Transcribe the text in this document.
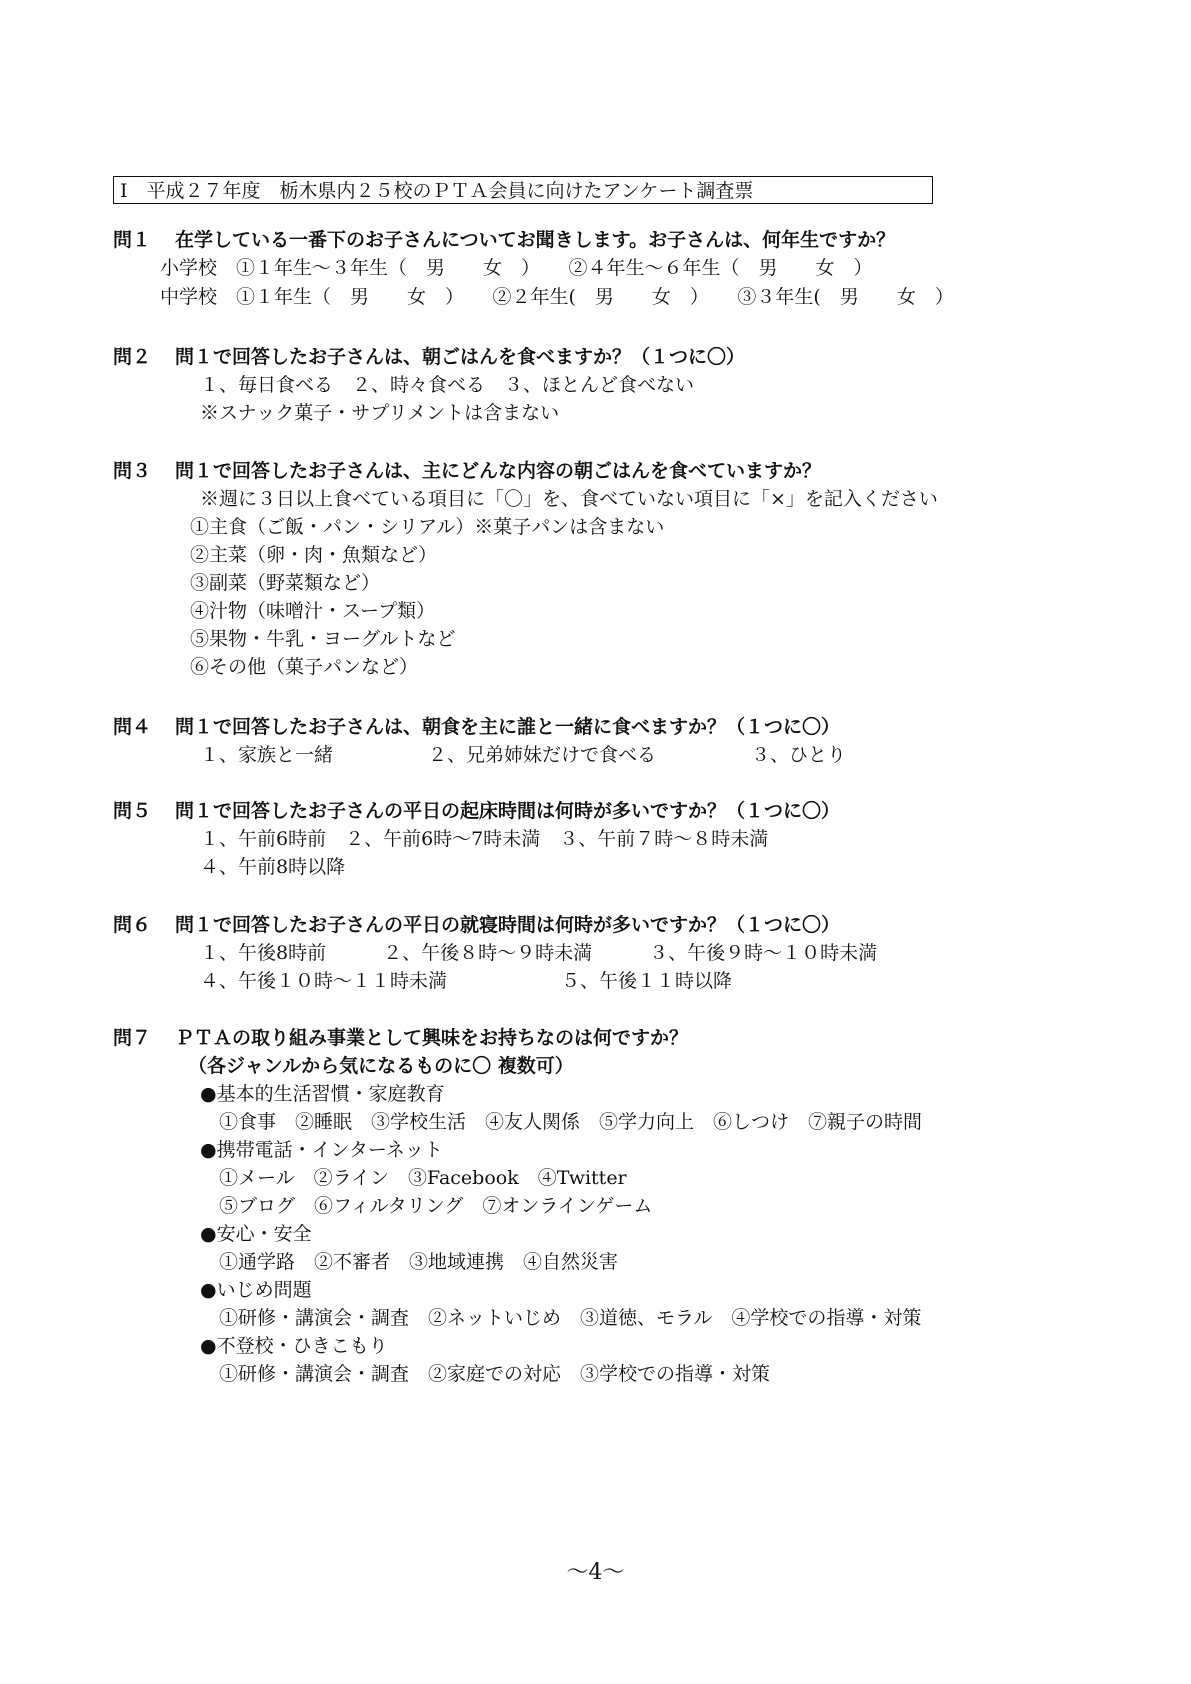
Ⅰ　平成２７年度　栃木県内２５校のＰＴＡ会員に向けたアンケート調査票

問１

在学している一番下のお子さんについてお聞きします。お子さんは、何年生ですか？

小学校　①１年生～３年生（　男　　女　）　　②４年生～６年生（　男　　女　）
中学校　①１年生（　男　　女　）　　②２年生(　男　　女　）　　③３年生(　男　　女　）

問２

問１で回答したお子さんは、朝ごはんを食べますか？（１つに〇）

１、毎日食べる　２、時々食べる　３、ほとんど食べない
※スナック菓子・サプリメントは含まない

問３

問１で回答したお子さんは、主にどんな内容の朝ごはんを食べていますか？

※週に３日以上食べている項目に「〇」を、食べていない項目に「×」を記入ください
①主食（ご飯・パン・シリアル）※菓子パンは含まない
②主菜（卵・肉・魚類など）
③副菜（野菜類など）
④汁物（味噌汁・スープ類）
⑤果物・牛乳・ヨーグルトなど
⑥その他（菓子パンなど）

問４

問１で回答したお子さんは、朝食を主に誰と一緒に食べますか？（１つに〇）

１、家族と一緒　　　　　２、兄弟姉妹だけで食べる　　　　　３、ひとり

問５

問１で回答したお子さんの平日の起床時間は何時が多いですか？（１つに〇）

１、午前6時前　２、午前6時～7時未満　３、午前７時～８時未満
４、午前8時以降

問６

問１で回答したお子さんの平日の就寝時間は何時が多いですか？（１つに〇）

１、午後8時前　　　２、午後８時～９時未満　　　３、午後９時～１０時未満
４、午後１０時～１１時未満　　　　　　５、午後１１時以降

問７

ＰＴＡの取り組み事業として興味をお持ちなのは何ですか？

（各ジャンルから気になるものに〇 複数可）
●基本的生活習慣・家庭教育
　①食事　②睡眠　③学校生活　④友人関係　⑤学力向上　⑥しつけ　⑦親子の時間
●携帯電話・インターネット
　①メール　②ライン　③Facebook　④Twitter
　⑤ブログ　⑥フィルタリング　⑦オンラインゲーム
●安心・安全
　①通学路　②不審者　③地域連携　④自然災害
●いじめ問題
　①研修・講演会・調査　②ネットいじめ　③道徳、モラル　④学校での指導・対策
●不登校・ひきこもり
　①研修・講演会・調査　②家庭での対応　③学校での指導・対策
～4～
